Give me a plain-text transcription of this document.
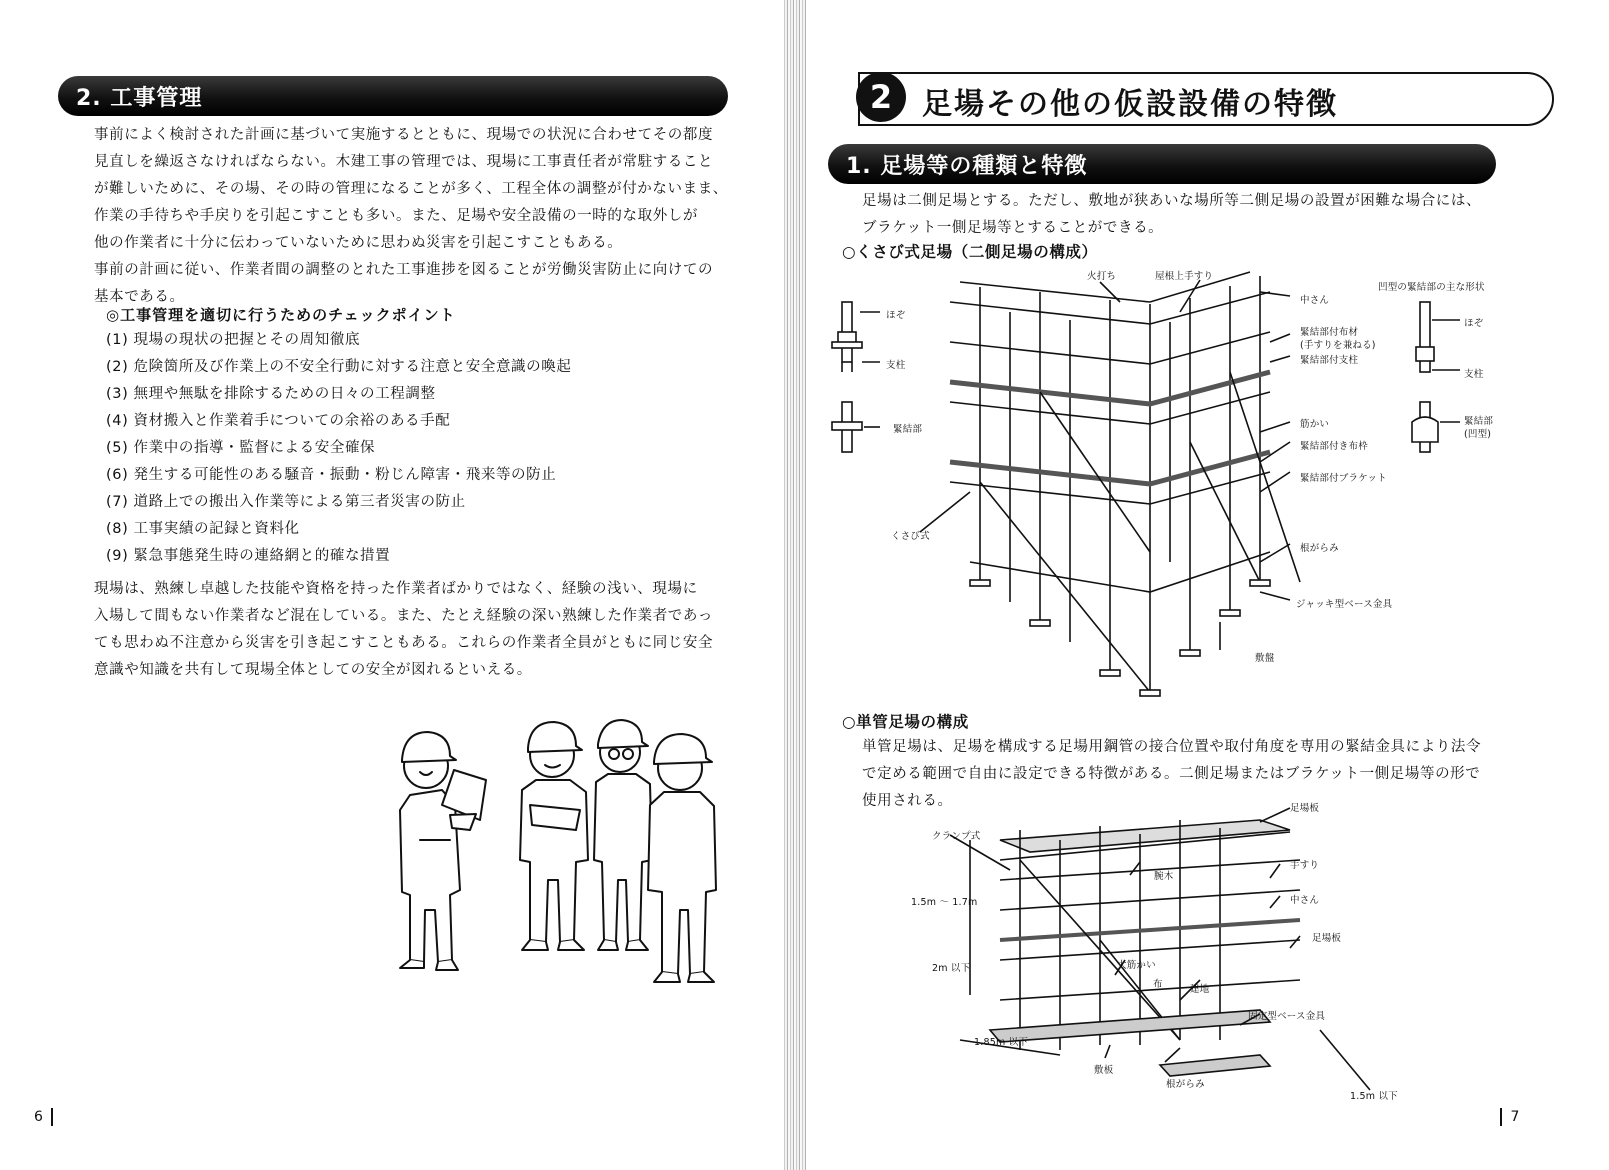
2. 工事管理

事前によく検討された計画に基づいて実施するとともに、現場での状況に合わせてその都度

見直しを繰返さなければならない。木建工事の管理では、現場に工事責任者が常駐すること

が難しいために、その場、その時の管理になることが多く、工程全体の調整が付かないまま、

作業の手待ちや手戻りを引起こすことも多い。また、足場や安全設備の一時的な取外しが

他の作業者に十分に伝わっていないために思わぬ災害を引起こすこともある。

事前の計画に従い、作業者間の調整のとれた工事進捗を図ることが労働災害防止に向けての

基本である。

◎工事管理を適切に行うためのチェックポイント
(1) 現場の現状の把握とその周知徹底
(2) 危険箇所及び作業上の不安全行動に対する注意と安全意識の喚起
(3) 無理や無駄を排除するための日々の工程調整
(4) 資材搬入と作業着手についての余裕のある手配
(5) 作業中の指導・監督による安全確保
(6) 発生する可能性のある騒音・振動・粉じん障害・飛来等の防止
(7) 道路上での搬出入作業等による第三者災害の防止
(8) 工事実績の記録と資料化
(9) 緊急事態発生時の連絡網と的確な措置

現場は、熟練し卓越した技能や資格を持った作業者ばかりではなく、経験の浅い、現場に

入場して間もない作業者など混在している。また、たとえ経験の深い熟練した作業者であっ

ても思わぬ不注意から災害を引き起こすこともある。これらの作業者全員がともに同じ安全

意識や知識を共有して現場全体としての安全が図れるといえる。

6
2 足場その他の仮設設備の特徴
1. 足場等の種類と特徴

足場は二側足場とする。ただし、敷地が狭あいな場所等二側足場の設置が困難な場合には、

ブラケット一側足場等とすることができる。

○くさび式足場（二側足場の構成）
火打ち	屋根上手すり
中さん
緊結部付布材
(手すりを兼ねる)
緊結部付支柱
筋かい
緊結部付き布枠
緊結部付ブラケット
根がらみ
ジャッキ型ベース金具
敷盤
くさび式
ほぞ
支柱
緊結部
凹型の緊結部の主な形状
ほぞ
支柱
緊結部
(凹型)
○単管足場の構成

単管足場は、足場を構成する足場用鋼管の接合位置や取付角度を専用の緊結金具により法令

で定める範囲で自由に設定できる特徴がある。二側足場またはブラケット一側足場等の形で

使用される。	足場板
クランプ式
腕木
手すり
中さん
1.5m ～ 1.7m
足場板
2m 以下	大筋かい
布	建地
固定型ベース金具
1.85m 以下
敷板
根がらみ
1.5m 以下
7
